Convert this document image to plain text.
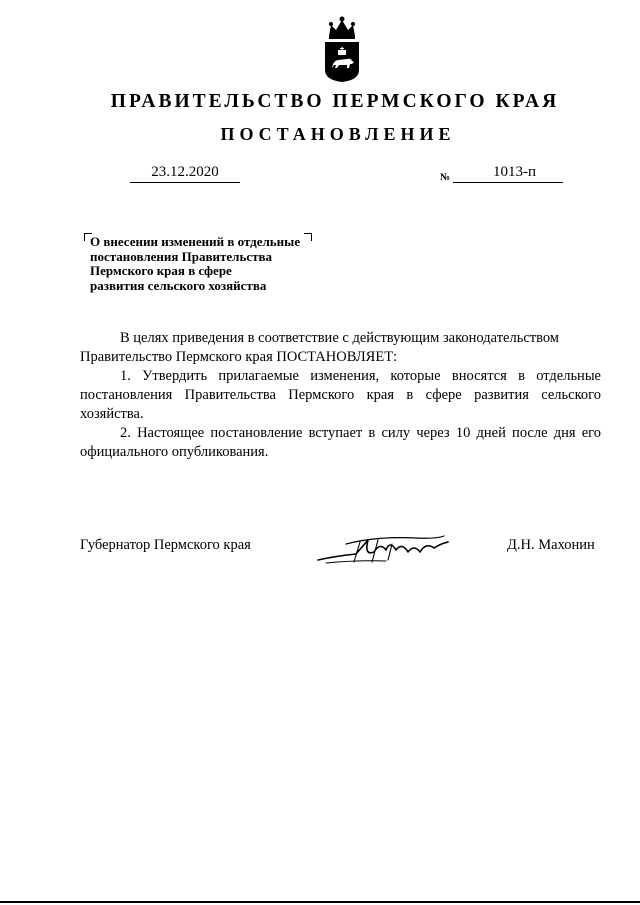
ПРАВИТЕЛЬСТВО ПЕРМСКОГО КРАЯ
ПОСТАНОВЛЕНИЕ
23.12.2020	№	1013-п
О внесении изменений в отдельные
постановления Правительства
Пермского края в сфере
развития сельского хозяйства

В целях приведения в соответствие с действующим законодательством Правительство Пермского края ПОСТАНОВЛЯЕТ:

1. Утвердить прилагаемые изменения, которые вносятся в отдельные постановления Правительства Пермского края в сфере развития сельского хозяйства.

2. Настоящее постановление вступает в силу через 10 дней после дня его официального опубликования.

Губернатор Пермского края	Д.Н. Махонин
